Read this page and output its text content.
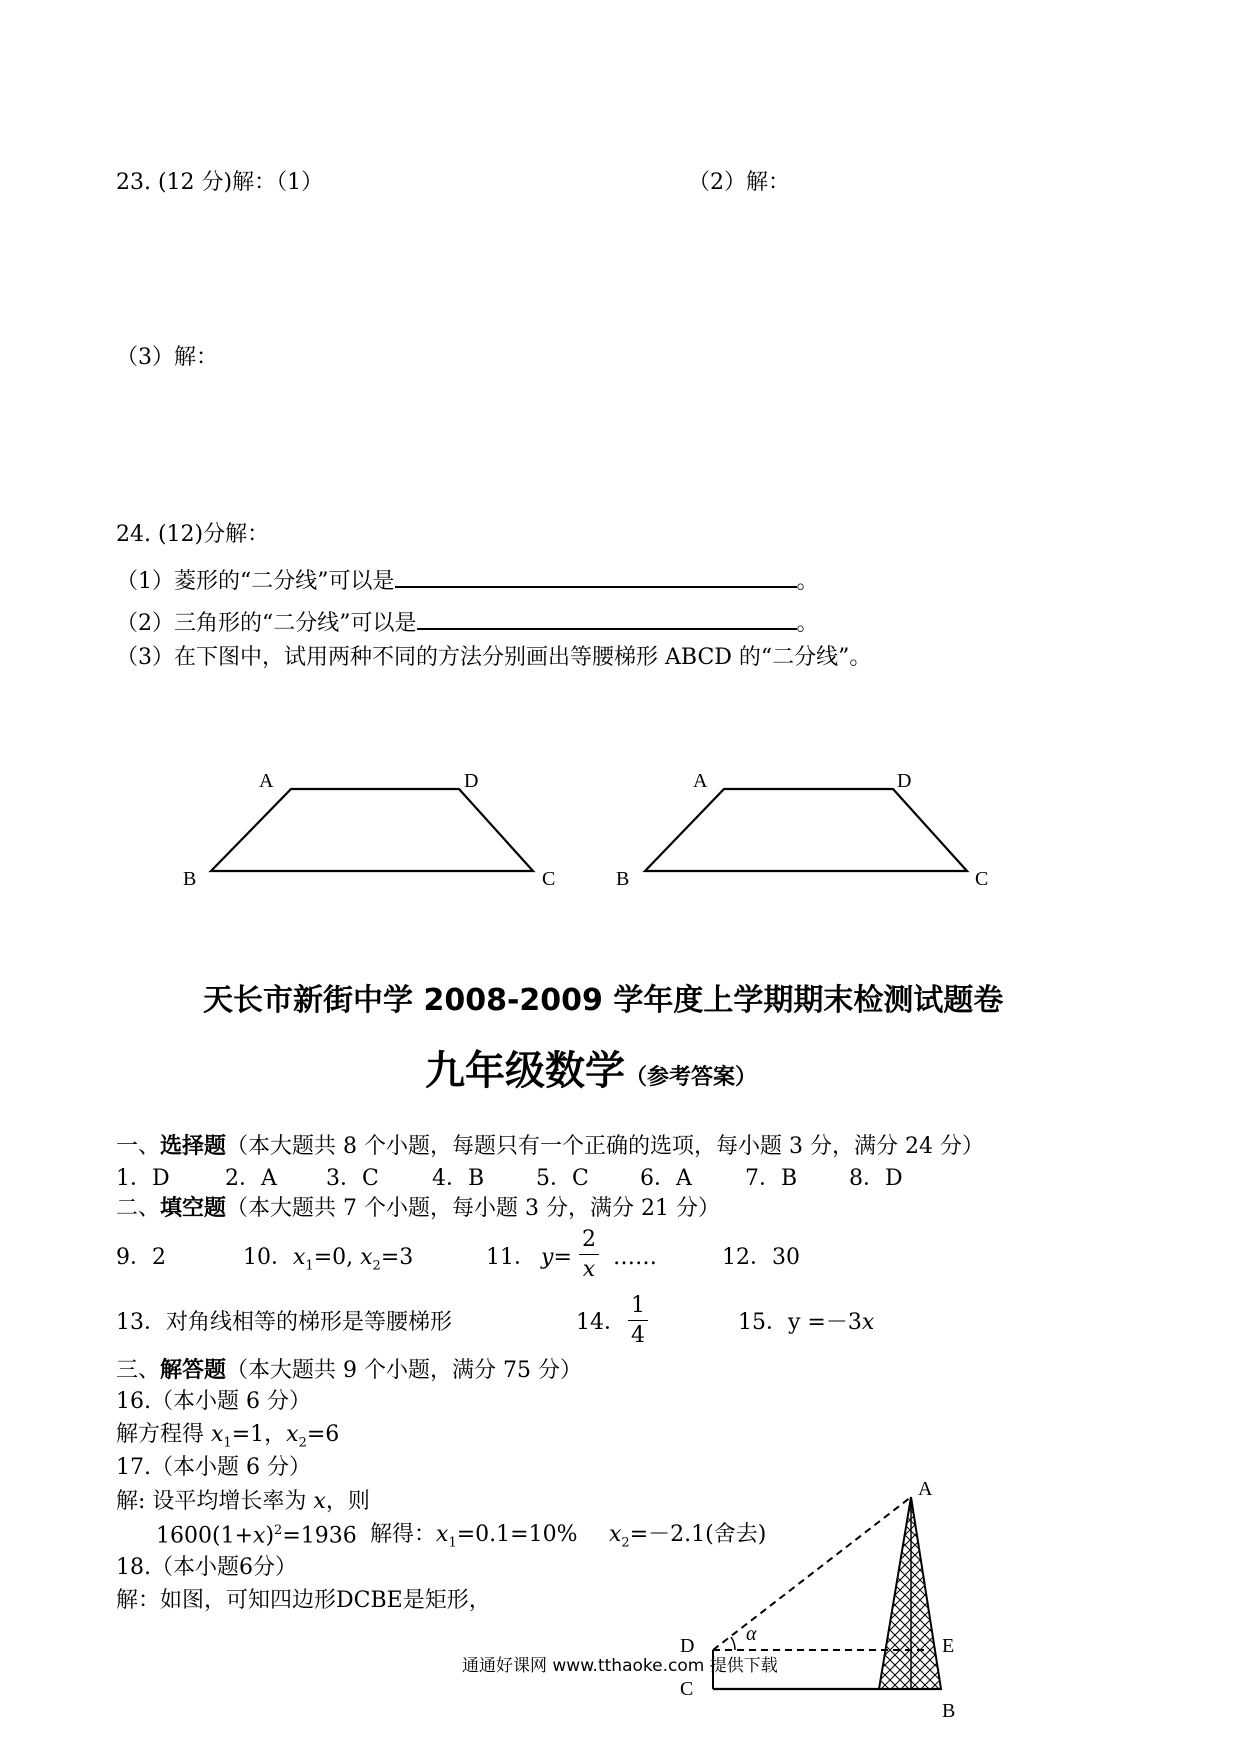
23. (12 分)解：（1）	（2）解：
（3）解：
24. (12)分解：
（1）菱形的“二分线”可以是	。
（2）三角形的“二分线”可以是	。
（3）在下图中，试用两种不同的方法分别画出等腰梯形 ABCD 的“二分线”。
A	D
B	C
A	D
B	C
天长市新街中学 2008-2009 学年度上学期期末检测试题卷
九年级数学（参考答案）
一、选择题（本大题共 8 个小题，每题只有一个正确的选项，每小题 3 分，满分 24 分）
1．D	2．A 3．C 4．B 5．C 6．A 7．B 8．D
二、填空题（本大题共 7 个小题，每小题 3 分，满分 21 分）
9．2	10．$x_1=0$, $x_2=3$	11． y=
2
x ……	12．30
13．对角线相等的梯形是等腰梯形	14．
1
4
15．y =－3x
三、解答题（本大题共 9 个小题，满分 75 分）
16.（本小题 6 分）
解方程得 $x_1=1$，$x_2=6$
17.（本小题 6 分）
解: 设平均增长率为 x，则
$1600(1+x)^2=1936$ 解得：$x_1=0.1=10\%$ $x_2=-2.1$(舍去)
18.（本小题6分）
解：如图，可知四边形DCBE是矩形，
A
D	E
C
α
B
通通好课网 www.tthaoke.com 提供下载
